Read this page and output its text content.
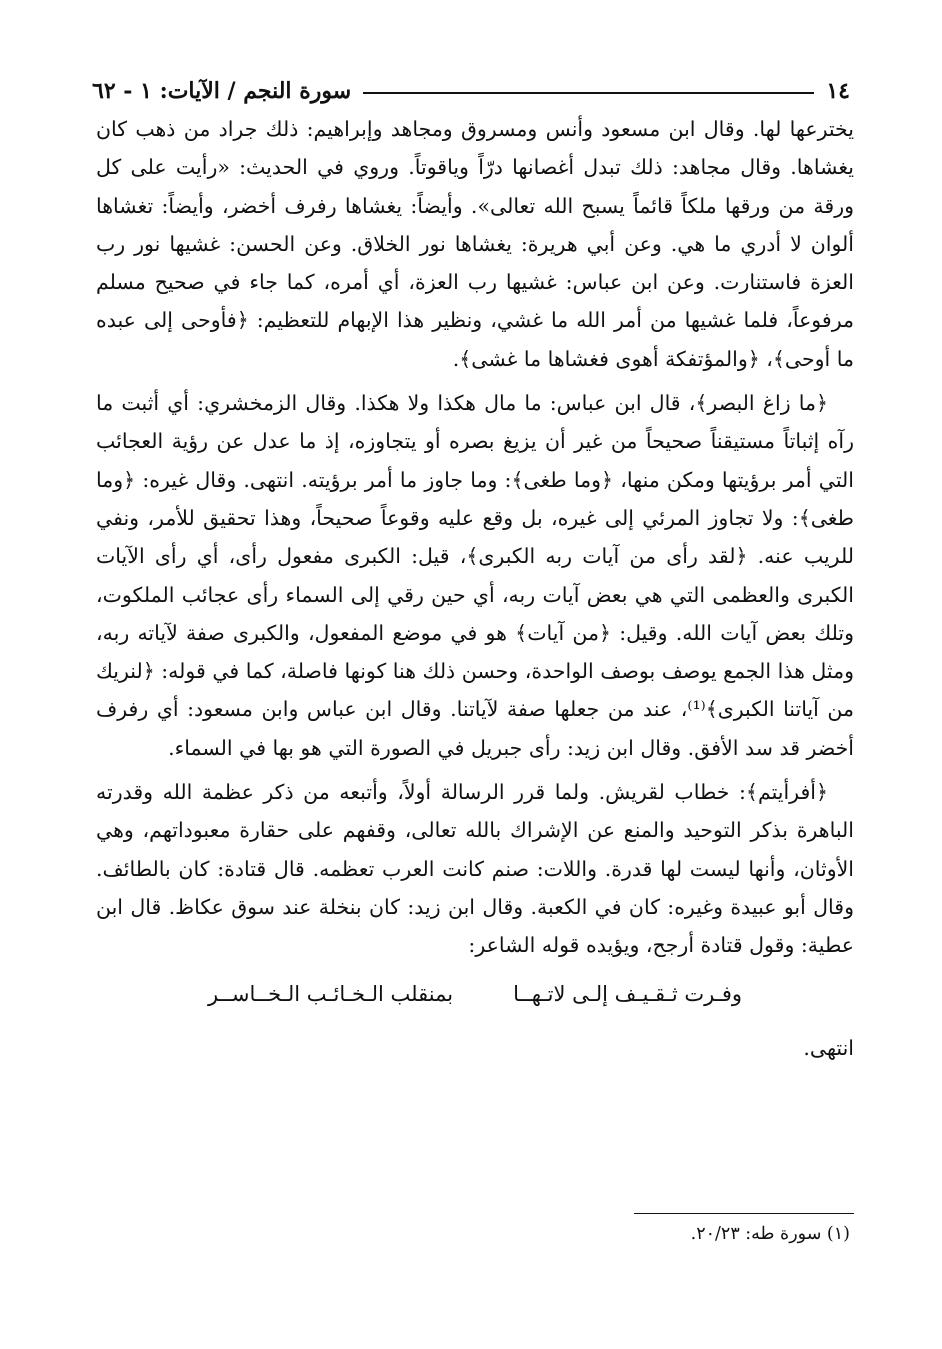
١٤
سورة النجم / الآيات: ١ - ٦٢

يخترعها لها. وقال ابن مسعود وأنس ومسروق ومجاهد وإبراهيم: ذلك جراد من ذهب كان يغشاها. وقال مجاهد: ذلك تبدل أغصانها درّاً وياقوتاً. وروي في الحديث: «رأيت على كل ورقة من ورقها ملكاً قائماً يسبح الله تعالى». وأيضاً: يغشاها رفرف أخضر، وأيضاً: تغشاها ألوان لا أدري ما هي. وعن أبي هريرة: يغشاها نور الخلاق. وعن الحسن: غشيها نور رب العزة فاستنارت. وعن ابن عباس: غشيها رب العزة، أي أمره، كما جاء في صحيح مسلم مرفوعاً، فلما غشيها من أمر الله ما غشي، ونظير هذا الإبهام للتعظيم: ﴿فأوحى إلى عبده ما أوحى﴾، ﴿والمؤتفكة أهوى فغشاها ما غشى﴾.

﴿ما زاغ البصر﴾، قال ابن عباس: ما مال هكذا ولا هكذا. وقال الزمخشري: أي أثبت ما رآه إثباتاً مستيقناً صحيحاً من غير أن يزيغ بصره أو يتجاوزه، إذ ما عدل عن رؤية العجائب التي أمر برؤيتها ومكن منها، ﴿وما طغى﴾: وما جاوز ما أمر برؤيته. انتهى. وقال غيره: ﴿وما طغى﴾: ولا تجاوز المرئي إلى غيره، بل وقع عليه وقوعاً صحيحاً، وهذا تحقيق للأمر، ونفي للريب عنه. ﴿لقد رأى من آيات ربه الكبرى﴾، قيل: الكبرى مفعول رأى، أي رأى الآيات الكبرى والعظمى التي هي بعض آيات ربه، أي حين رقي إلى السماء رأى عجائب الملكوت، وتلك بعض آيات الله. وقيل: ﴿من آيات﴾ هو في موضع المفعول، والكبرى صفة لآياته ربه، ومثل هذا الجمع يوصف بوصف الواحدة، وحسن ذلك هنا كونها فاصلة، كما في قوله: ﴿لنريك من آياتنا الكبرى﴾⁽¹⁾، عند من جعلها صفة لآياتنا. وقال ابن عباس وابن مسعود: أي رفرف أخضر قد سد الأفق. وقال ابن زيد: رأى جبريل في الصورة التي هو بها في السماء.

﴿أفرأيتم﴾: خطاب لقريش. ولما قرر الرسالة أولاً، وأتبعه من ذكر عظمة الله وقدرته الباهرة بذكر التوحيد والمنع عن الإشراك بالله تعالى، وقفهم على حقارة معبوداتهم، وهي الأوثان، وأنها ليست لها قدرة. واللات: صنم كانت العرب تعظمه. قال قتادة: كان بالطائف. وقال أبو عبيدة وغيره: كان في الكعبة. وقال ابن زيد: كان بنخلة عند سوق عكاظ. قال ابن عطية: وقول قتادة أرجح، ويؤيده قوله الشاعر:

وفـرت ثـقـيـف إلـى لاتـهــا
بمنقلب الـخـائـب الـخــاســر

انتهى.

(١) سورة طه: ٢٠/٢٣.
